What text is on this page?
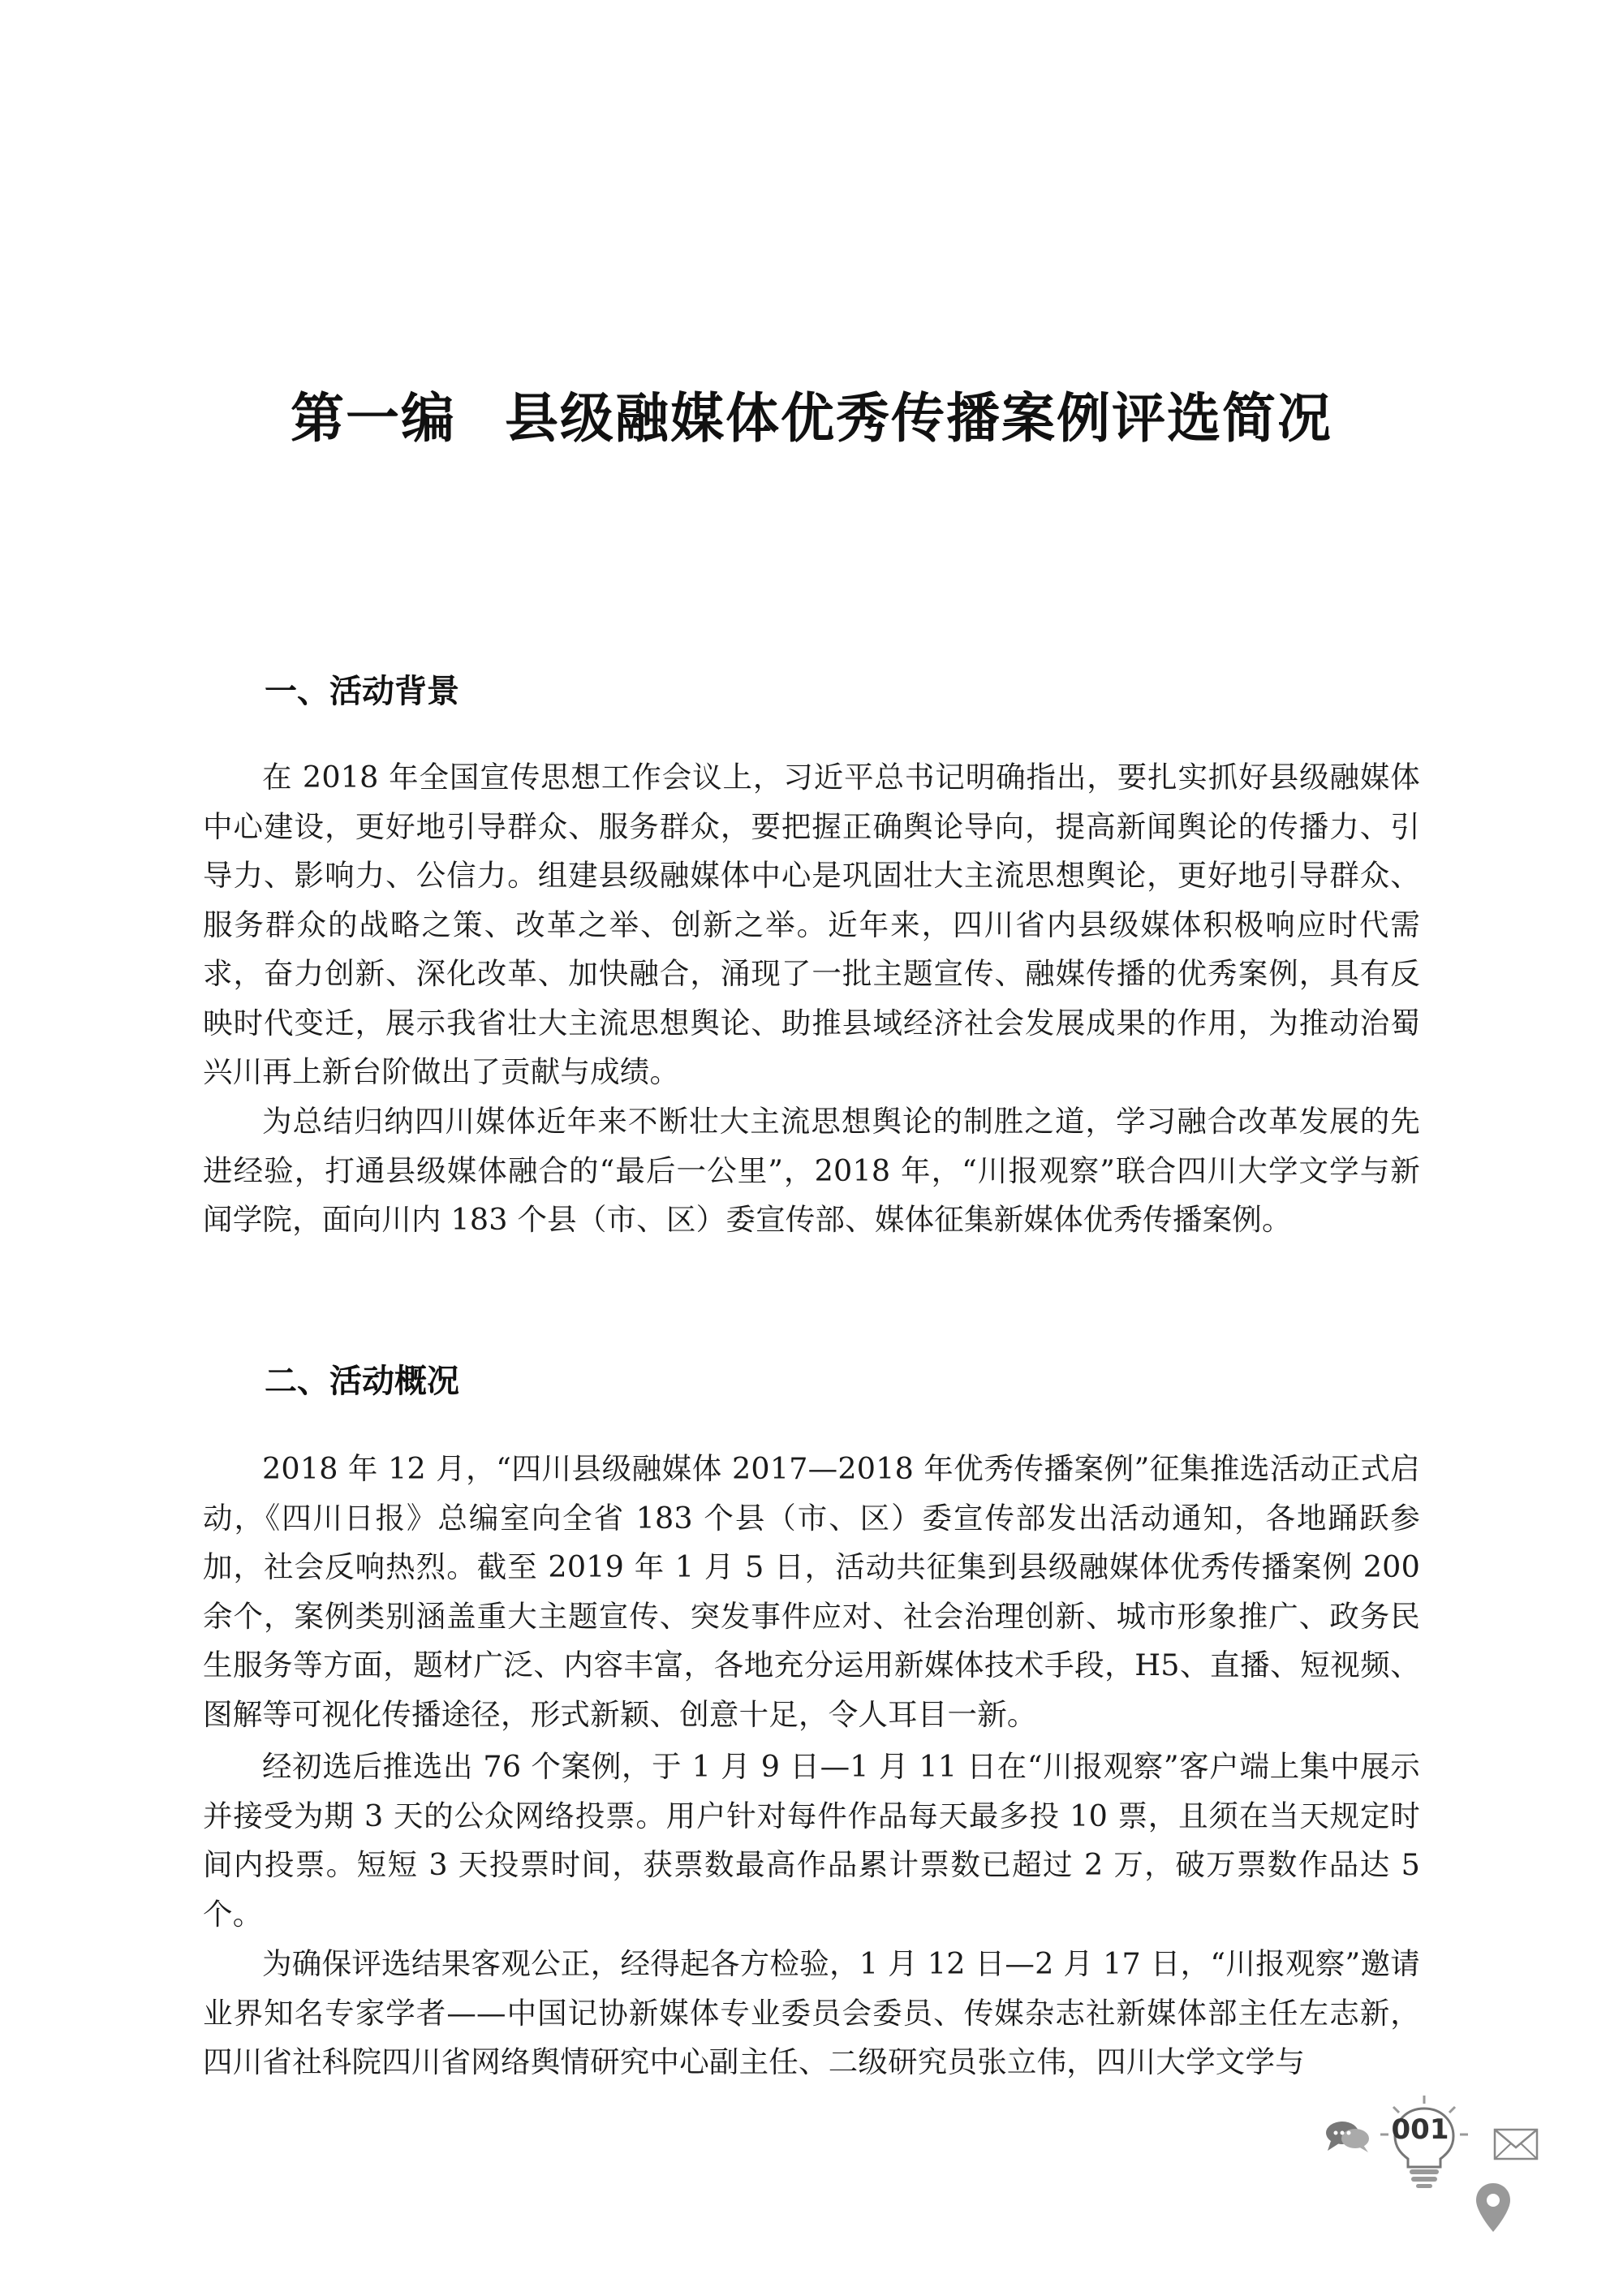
第一编 县级融媒体优秀传播案例评选简况
一、活动背景

在 2018 年全国宣传思想工作会议上，习近平总书记明确指出，要扎实抓好县级融媒体中心建设，更好地引导群众、服务群众，要把握正确舆论导向，提高新闻舆论的传播力、引导力、影响力、公信力。组建县级融媒体中心是巩固壮大主流思想舆论，更好地引导群众、服务群众的战略之策、改革之举、创新之举。近年来，四川省内县级媒体积极响应时代需求，奋力创新、深化改革、加快融合，涌现了一批主题宣传、融媒传播的优秀案例，具有反映时代变迁，展示我省壮大主流思想舆论、助推县域经济社会发展成果的作用，为推动治蜀兴川再上新台阶做出了贡献与成绩。

为总结归纳四川媒体近年来不断壮大主流思想舆论的制胜之道，学习融合改革发展的先进经验，打通县级媒体融合的“最后一公里”，2018 年，“川报观察”联合四川大学文学与新闻学院，面向川内 183 个县（市、区）委宣传部、媒体征集新媒体优秀传播案例。

二、活动概况

2018 年 12 月，“四川县级融媒体 2017—2018 年优秀传播案例”征集推选活动正式启动，《四川日报》总编室向全省 183 个县（市、区）委宣传部发出活动通知，各地踊跃参加，社会反响热烈。截至 2019 年 1 月 5 日，活动共征集到县级融媒体优秀传播案例 200 余个，案例类别涵盖重大主题宣传、突发事件应对、社会治理创新、城市形象推广、政务民生服务等方面，题材广泛、内容丰富，各地充分运用新媒体技术手段，H5、直播、短视频、图解等可视化传播途径，形式新颖、创意十足，令人耳目一新。

经初选后推选出 76 个案例，于 1 月 9 日—1 月 11 日在“川报观察”客户端上集中展示并接受为期 3 天的公众网络投票。用户针对每件作品每天最多投 10 票，且须在当天规定时间内投票。短短 3 天投票时间，获票数最高作品累计票数已超过 2 万，破万票数作品达 5 个。

为确保评选结果客观公正，经得起各方检验，1 月 12 日—2 月 17 日，“川报观察”邀请业界知名专家学者——中国记协新媒体专业委员会委员、传媒杂志社新媒体部主任左志新，四川省社科院四川省网络舆情研究中心副主任、二级研究员张立伟，四川大学文学与

001
